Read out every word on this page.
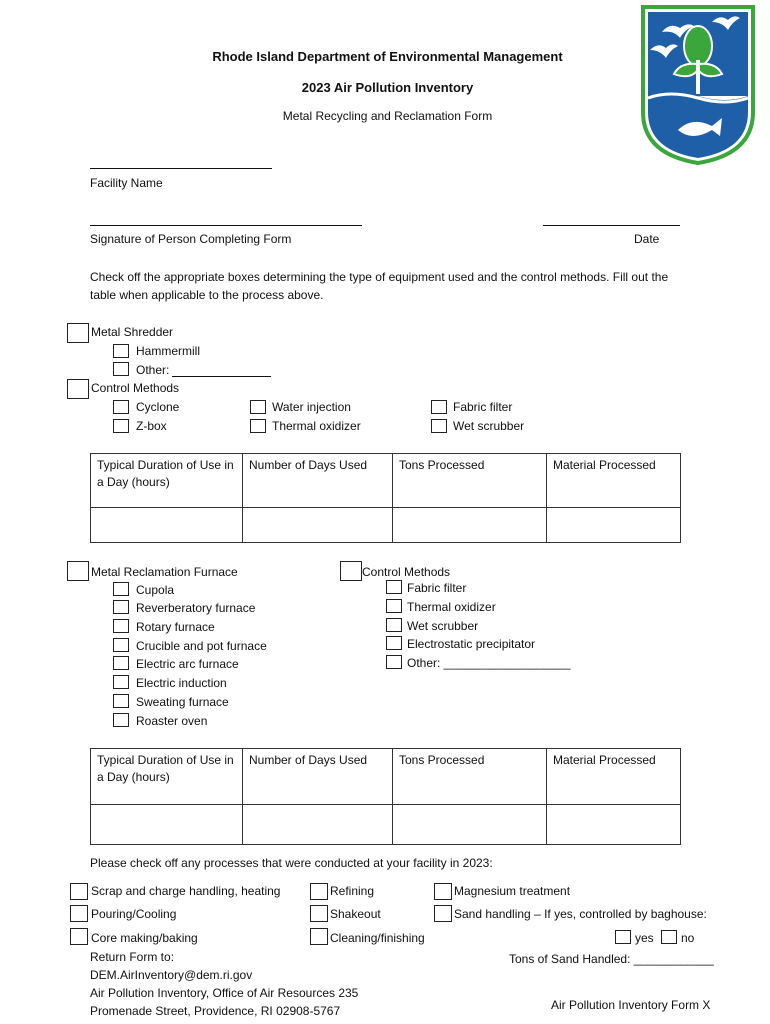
Rhode Island Department of Environmental Management
2023 Air Pollution Inventory
Metal Recycling and Reclamation Form
Facility Name
Signature of Person Completing Form	Date
Check off the appropriate boxes determining the type of equipment used and the control methods. Fill out the table when applicable to the process above.
Metal Shredder
Hammermill
Other:
Control Methods
Cyclone
Z-box
Water injection
Thermal oxidizer
Fabric filter
Wet scrubber
Typical Duration of Use in a Day (hours)	Number of Days Used	Tons Processed	Material Processed

Metal Reclamation Furnace
Cupola
Reverberatory furnace
Rotary furnace
Crucible and pot furnace
Electric arc furnace
Electric induction
Sweating furnace
Roaster oven
Control Methods
Fabric filter
Thermal oxidizer
Wet scrubber
Electrostatic precipitator
Other: ___________________
Typical Duration of Use in a Day (hours)	Number of Days Used	Tons Processed	Material Processed

Please check off any processes that were conducted at your facility in 2023:
Scrap and charge handling, heating
Pouring/Cooling
Core making/baking
Refining
Shakeout
Cleaning/finishing
Magnesium treatment
Sand handling – If yes, controlled by baghouse:
yes no
Tons of Sand Handled: ____________
Return Form to:
DEM.AirInventory@dem.ri.gov
Air Pollution Inventory, Office of Air Resources 235
Promenade Street, Providence, RI 02908-5767	Air Pollution Inventory Form X
